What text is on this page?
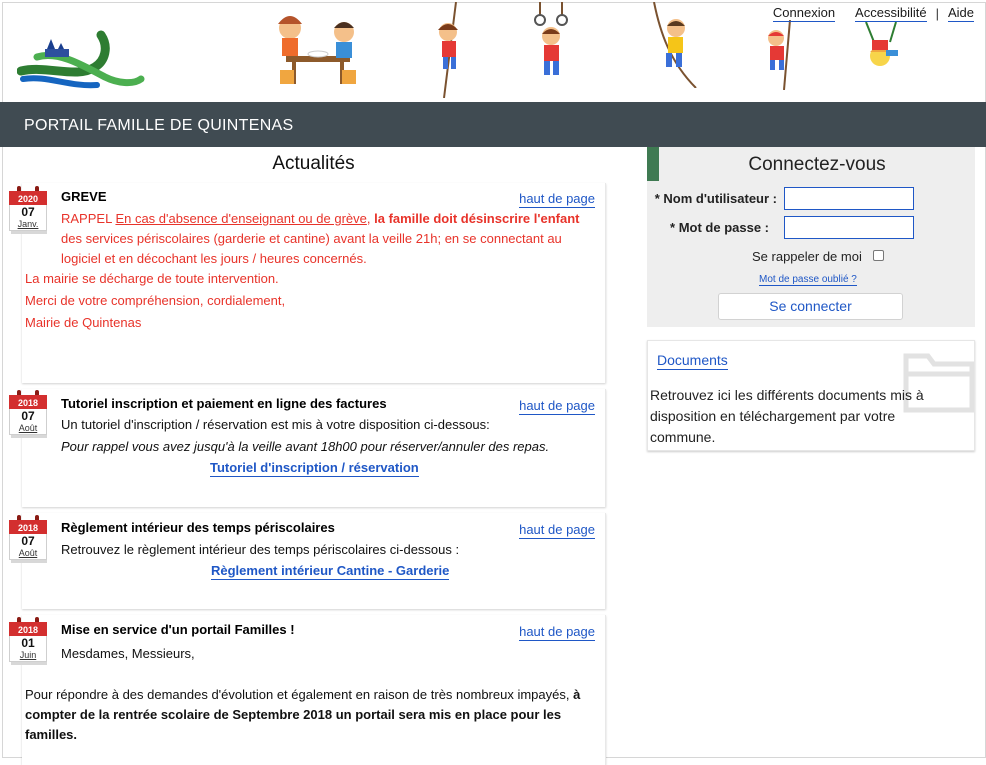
Connexion Accessibilité | Aide
PORTAIL FAMILLE DE QUINTENAS
Actualités
GREVE	haut de page
RAPPEL En cas d'absence d'enseignant ou de grève, la famille doit désinscrire l'enfant des services périscolaires (garderie et cantine) avant la veille 21h; en se connectant au logiciel et en décochant les jours / heures concernés.
La mairie se décharge de toute intervention.
Merci de votre compréhension, cordialement,
Mairie de Quintenas
Tutoriel inscription et paiement en ligne des factures	haut de page
Un tutoriel d'inscription / réservation est mis à votre disposition ci-dessous:
Pour rappel vous avez jusqu'à la veille avant 18h00 pour réserver/annuler des repas.
Tutoriel d'inscription / réservation
Règlement intérieur des temps périscolaires	haut de page
Retrouvez le règlement intérieur des temps périscolaires ci-dessous :
Règlement intérieur Cantine - Garderie
Mise en service d'un portail Familles !	haut de page
Mesdames, Messieurs,
Pour répondre à des demandes d'évolution et également en raison de très nombreux impayés, à compter de la rentrée scolaire de Septembre 2018 un portail sera mis en place pour les familles.
2020
07
Janv.
2018
07
Août
2018
07
Août
2018
01
Juin
Connectez-vous
* Nom d'utilisateur :
* Mot de passe :
Se rappeler de moi
Mot de passe oublié ?
Se connecter
Documents
Retrouvez ici les différents documents mis à disposition en téléchargement par votre commune.
